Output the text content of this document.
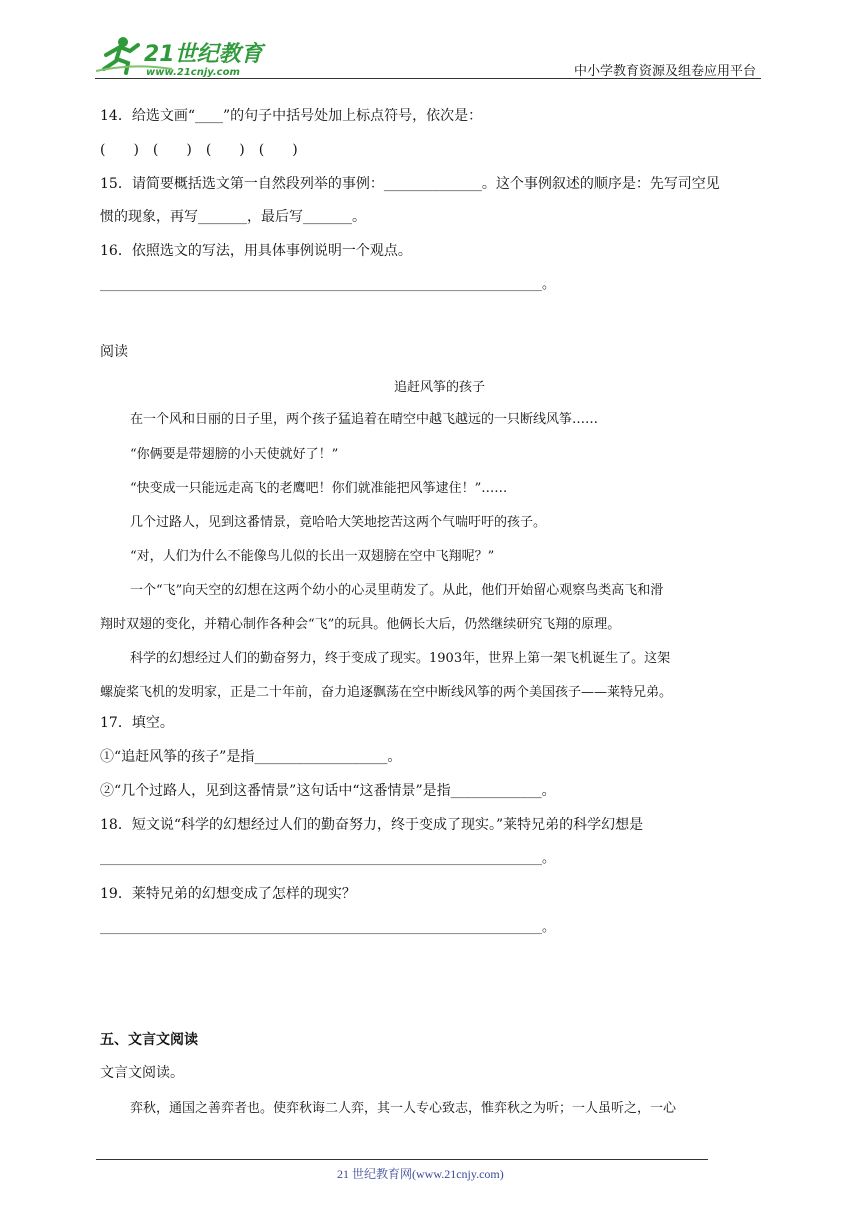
21世纪教育
www.21cnjy.com	中小学教育资源及组卷应用平台
14．给选文画“____”的句子中括号处加上标点符号，依次是：
(　　)　(　　)　(　　)　(　　)
15．请简要概括选文第一自然段列举的事例：______________。这个事例叙述的顺序是：先写司空见
惯的现象，再写_______，最后写_______。
16．依照选文的写法，用具体事例说明一个观点。
____________________________________________________________________。
阅读
追赶风筝的孩子
在一个风和日丽的日子里，两个孩子猛追着在晴空中越飞越远的一只断线风筝……
“你俩要是带翅膀的小天使就好了！”
“快变成一只能远走高飞的老鹰吧！你们就准能把风筝逮住！”……
几个过路人，见到这番情景，竟哈哈大笑地挖苦这两个气喘吁吁的孩子。
“对，人们为什么不能像鸟儿似的长出一双翅膀在空中飞翔呢？”
一个“飞”向天空的幻想在这两个幼小的心灵里萌发了。从此，他们开始留心观察鸟类高飞和滑
翔时双翅的变化，并精心制作各种会“飞”的玩具。他俩长大后，仍然继续研究飞翔的原理。
科学的幻想经过人们的勤奋努力，终于变成了现实。1903年，世界上第一架飞机诞生了。这架
螺旋桨飞机的发明家，正是二十年前，奋力追逐飘荡在空中断线风筝的两个美国孩子——莱特兄弟。
17．填空。
①“追赶风筝的孩子”是指___________________。
②“几个过路人，见到这番情景”这句话中“这番情景”是指_____________。
18．短文说“科学的幻想经过人们的勤奋努力，终于变成了现实。”莱特兄弟的科学幻想是
____________________________________________________________________。
19．莱特兄弟的幻想变成了怎样的现实？
____________________________________________________________________。
五、文言文阅读
文言文阅读。
弈秋，通国之善弈者也。使弈秋诲二人弈，其一人专心致志，惟弈秋之为听；一人虽听之，一心
21 世纪教育网(www.21cnjy.com)
